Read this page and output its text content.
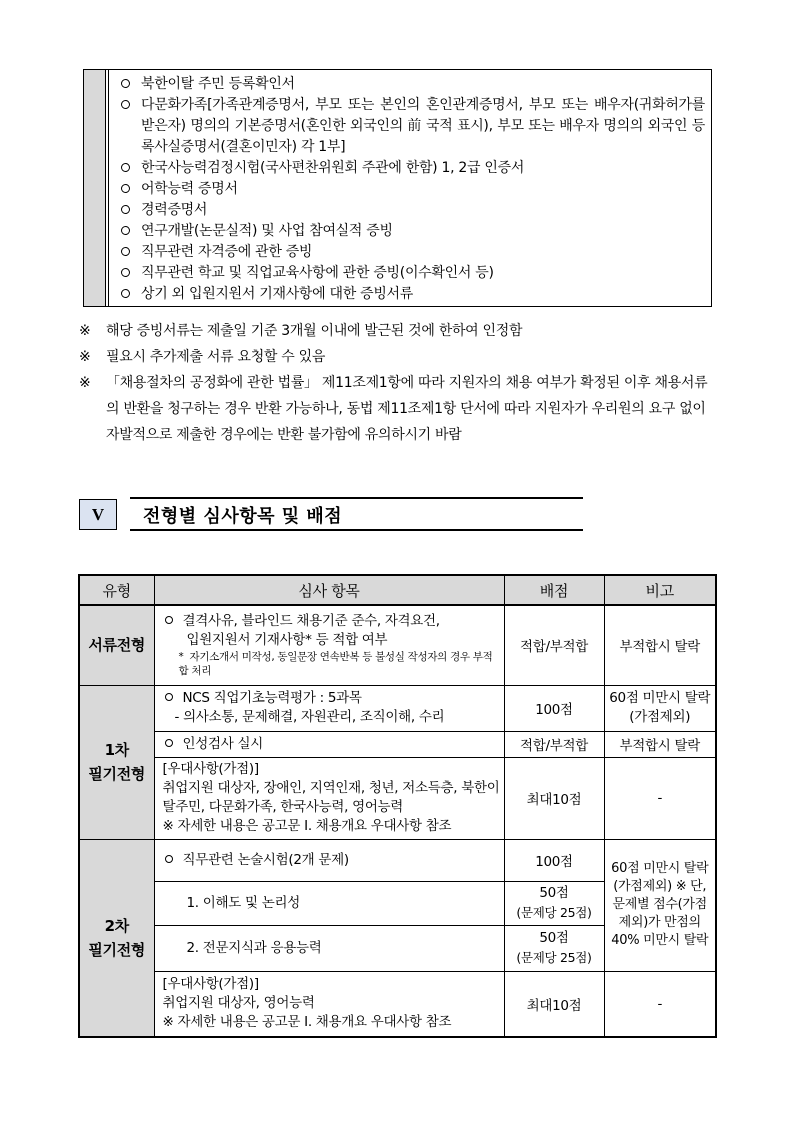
북한이탈 주민 등록확인서
다문화가족[가족관계증명서, 부모 또는 본인의 혼인관계증명서, 부모 또는 배우자(귀화허가를 받은자) 명의의 기본증명서(혼인한 외국인의 前 국적 표시), 부모 또는 배우자 명의의 외국인 등록사실증명서(결혼이민자) 각 1부]
한국사능력검정시험(국사편찬위원회 주관에 한함) 1, 2급 인증서
어학능력 증명서
경력증명서
연구개발(논문실적) 및 사업 참여실적 증빙
직무관련 자격증에 관한 증빙
직무관련 학교 및 직업교육사항에 관한 증빙(이수확인서 등)
상기 외 입원지원서 기재사항에 대한 증빙서류
※ 해당 증빙서류는 제출일 기준 3개월 이내에 발근된 것에 한하여 인정함
※ 필요시 추가제출 서류 요청할 수 있음
※ 「채용절차의 공정화에 관한 법률」 제11조제1항에 따라 지원자의 채용 여부가 확정된 이후 채용서류의 반환을 청구하는 경우 반환 가능하나, 동법 제11조제1항 단서에 따라 지원자가 우리원의 요구 없이 자발적으로 제출한 경우에는 반환 불가함에 유의하시기 바람
V	전형별 심사항목 및 배점
유형	심사 항목	배점	비고
서류전형	결격사유, 블라인드 채용기준 준수, 자격요건,

입원지원서 기재사항* 등 적합 여부
* 자기소개서 미작성, 동일문장 연속반복 등 불성실 작성자의 경우 부적합 처리	적합/부적합	부적합시 탈락
1차
필기전형	NCS 직업기초능력평가 : 5과목
- 의사소통, 문제해결, 자원관리, 조직이해, 수리	100점	60점 미만시 탈락(가점제외)
	인성검사 실시	적합/부적합	부적합시 탈락
	[우대사항(가점)]
취업지원 대상자, 장애인, 지역인재, 청년, 저소득층, 북한이탈주민, 다문화가족, 한국사능력, 영어능력
※ 자세한 내용은 공고문 Ⅰ. 채용개요 우대사항 참조	최대10점	-
2차
필기전형	직무관련 논술시험(2개 문제)	100점	60점 미만시 탈락(가점제외) ※ 단, 문제별 점수(가점제외)가 만점의 40% 미만시 탈락
	1. 이해도 및 논리성	50점
(문제당 25점)	
	2. 전문지식과 응용능력	50점
(문제당 25점)	
	[우대사항(가점)]
취업지원 대상자, 영어능력
※ 자세한 내용은 공고문 Ⅰ. 채용개요 우대사항 참조	최대10점	-
